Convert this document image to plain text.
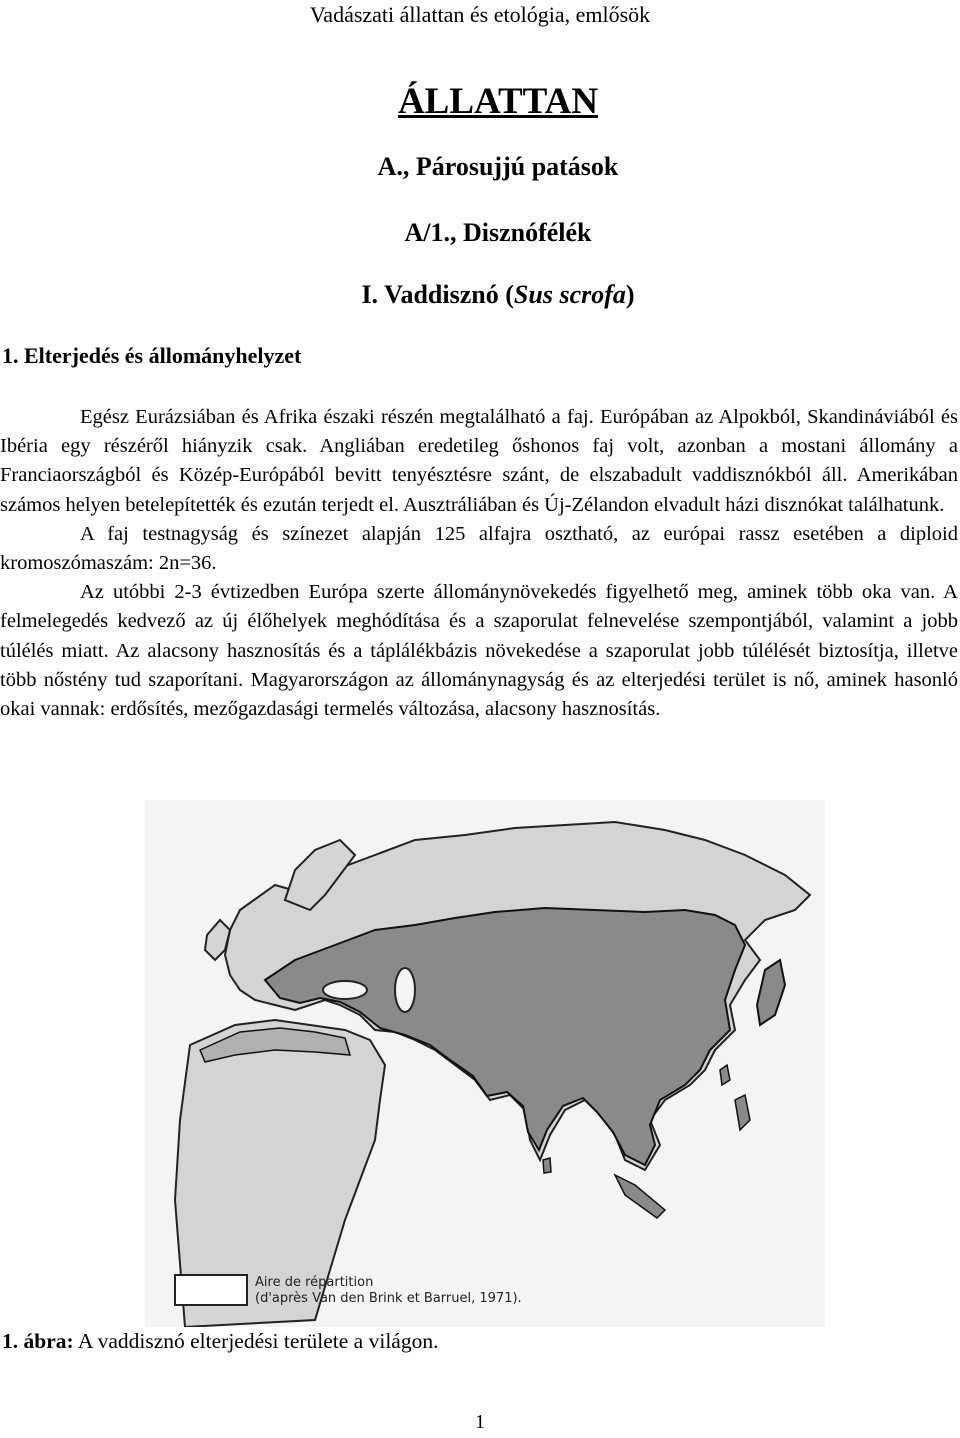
Vadászati állattan és etológia, emlősök
ÁLLATTAN
A., Párosujjú patások
A/1., Disznófélék
I. Vaddisznó (Sus scrofa)
1. Elterjedés és állományhelyzet

Egész Eurázsiában és Afrika északi részén megtalálható a faj. Európában az Alpokból, Skandináviából és Ibéria egy részéről hiányzik csak. Angliában eredetileg őshonos faj volt, azonban a mostani állomány a Franciaországból és Közép-Európából bevitt tenyésztésre szánt, de elszabadult vaddisznókból áll. Amerikában számos helyen betelepítették és ezután terjedt el. Ausztráliában és Új-Zélandon elvadult házi disznókat találhatunk.

A faj testnagyság és színezet alapján 125 alfajra osztható, az európai rassz esetében a diploid kromoszómaszám: 2n=36.

Az utóbbi 2-3 évtizedben Európa szerte állománynövekedés figyelhető meg, aminek több oka van. A felmelegedés kedvező az új élőhelyek meghódítása és a szaporulat felnevelése szempontjából, valamint a jobb túlélés miatt. Az alacsony hasznosítás és a táplálékbázis növekedése a szaporulat jobb túlélését biztosítja, illetve több nőstény tud szaporítani. Magyarországon az állománynagyság és az elterjedési terület is nő, aminek hasonló okai vannak: erdősítés, mezőgazdasági termelés változása, alacsony hasznosítás.

Aire de répartition
(d'après Van den Brink et Barruel, 1971).
1. ábra: A vaddisznó elterjedési területe a világon.
1
